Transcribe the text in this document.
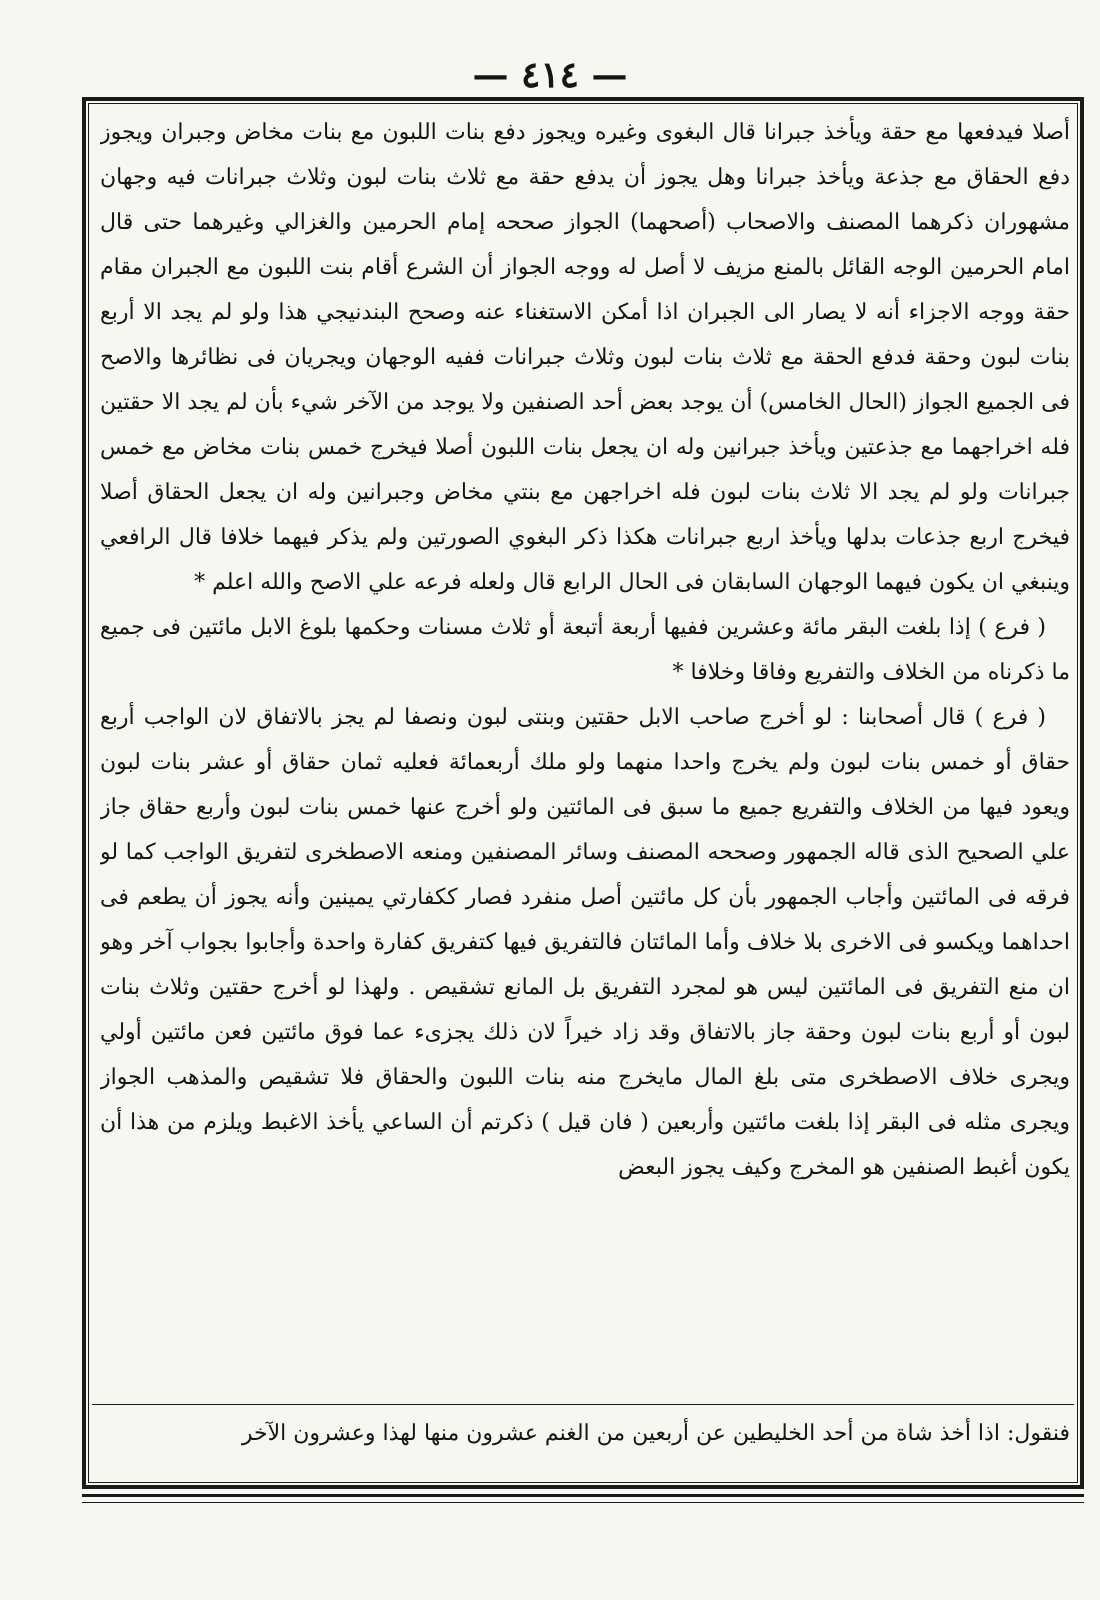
— ٤١٤ —

أصلا فيدفعها مع حقة ويأخذ جبرانا قال البغوى وغيره ويجوز دفع بنات اللبون مع بنات مخاض وجبران ويجوز دفع الحقاق مع جذعة ويأخذ جبرانا وهل يجوز أن يدفع حقة مع ثلاث بنات لبون وثلاث جبرانات فيه وجهان مشهوران ذكرهما المصنف والاصحاب (أصحهما) الجواز صححه إمام الحرمين والغزالي وغيرهما حتى قال امام الحرمين الوجه القائل بالمنع مزيف لا أصل له ووجه الجواز أن الشرع أقام بنت اللبون مع الجبران مقام حقة ووجه الاجزاء أنه لا يصار الى الجبران اذا أمكن الاستغناء عنه وصحح البندنيجي هذا ولو لم يجد الا أربع بنات لبون وحقة فدفع الحقة مع ثلاث بنات لبون وثلاث جبرانات ففيه الوجهان ويجريان فى نظائرها والاصح فى الجميع الجواز (الحال الخامس) أن يوجد بعض أحد الصنفين ولا يوجد من الآخر شيء بأن لم يجد الا حقتين فله اخراجهما مع جذعتين ويأخذ جبرانين وله ان يجعل بنات اللبون أصلا فيخرج خمس بنات مخاض مع خمس جبرانات ولو لم يجد الا ثلاث بنات لبون فله اخراجهن مع بنتي مخاض وجبرانين وله ان يجعل الحقاق أصلا فيخرج اربع جذعات بدلها ويأخذ اربع جبرانات هكذا ذكر البغوي الصورتين ولم يذكر فيهما خلافا قال الرافعي وينبغي ان يكون فيهما الوجهان السابقان فى الحال الرابع قال ولعله فرعه علي الاصح والله اعلم *

( فرع ) إذا بلغت البقر مائة وعشرين ففيها أربعة أتبعة أو ثلاث مسنات وحكمها بلوغ الابل مائتين فى جميع ما ذكرناه من الخلاف والتفريع وفاقا وخلافا *

( فرع ) قال أصحابنا : لو أخرج صاحب الابل حقتين وبنتى لبون ونصفا لم يجز بالاتفاق لان الواجب أربع حقاق أو خمس بنات لبون ولم يخرج واحدا منهما ولو ملك أربعمائة فعليه ثمان حقاق أو عشر بنات لبون ويعود فيها من الخلاف والتفريع جميع ما سبق فى المائتين ولو أخرج عنها خمس بنات لبون وأربع حقاق جاز علي الصحيح الذى قاله الجمهور وصححه المصنف وسائر المصنفين ومنعه الاصطخرى لتفريق الواجب كما لو فرقه فى المائتين وأجاب الجمهور بأن كل مائتين أصل منفرد فصار ككفارتي يمينين وأنه يجوز أن يطعم فى احداهما ويكسو فى الاخرى بلا خلاف وأما المائتان فالتفريق فيها كتفريق كفارة واحدة وأجابوا بجواب آخر وهو ان منع التفريق فى المائتين ليس هو لمجرد التفريق بل المانع تشقيص . ولهذا لو أخرج حقتين وثلاث بنات لبون أو أربع بنات لبون وحقة جاز بالاتفاق وقد زاد خيراً لان ذلك يجزىء عما فوق مائتين فعن مائتين أولي ويجرى خلاف الاصطخرى متى بلغ المال مايخرج منه بنات اللبون والحقاق فلا تشقيص والمذهب الجواز ويجرى مثله فى البقر إذا بلغت مائتين وأربعين ( فان قيل ) ذكرتم أن الساعي يأخذ الاغبط ويلزم من هذا أن يكون أغبط الصنفين هو المخرج وكيف يجوز البعض

فنقول: اذا أخذ شاة من أحد الخليطين عن أربعين من الغنم عشرون منها لهذا وعشرون الآخر
